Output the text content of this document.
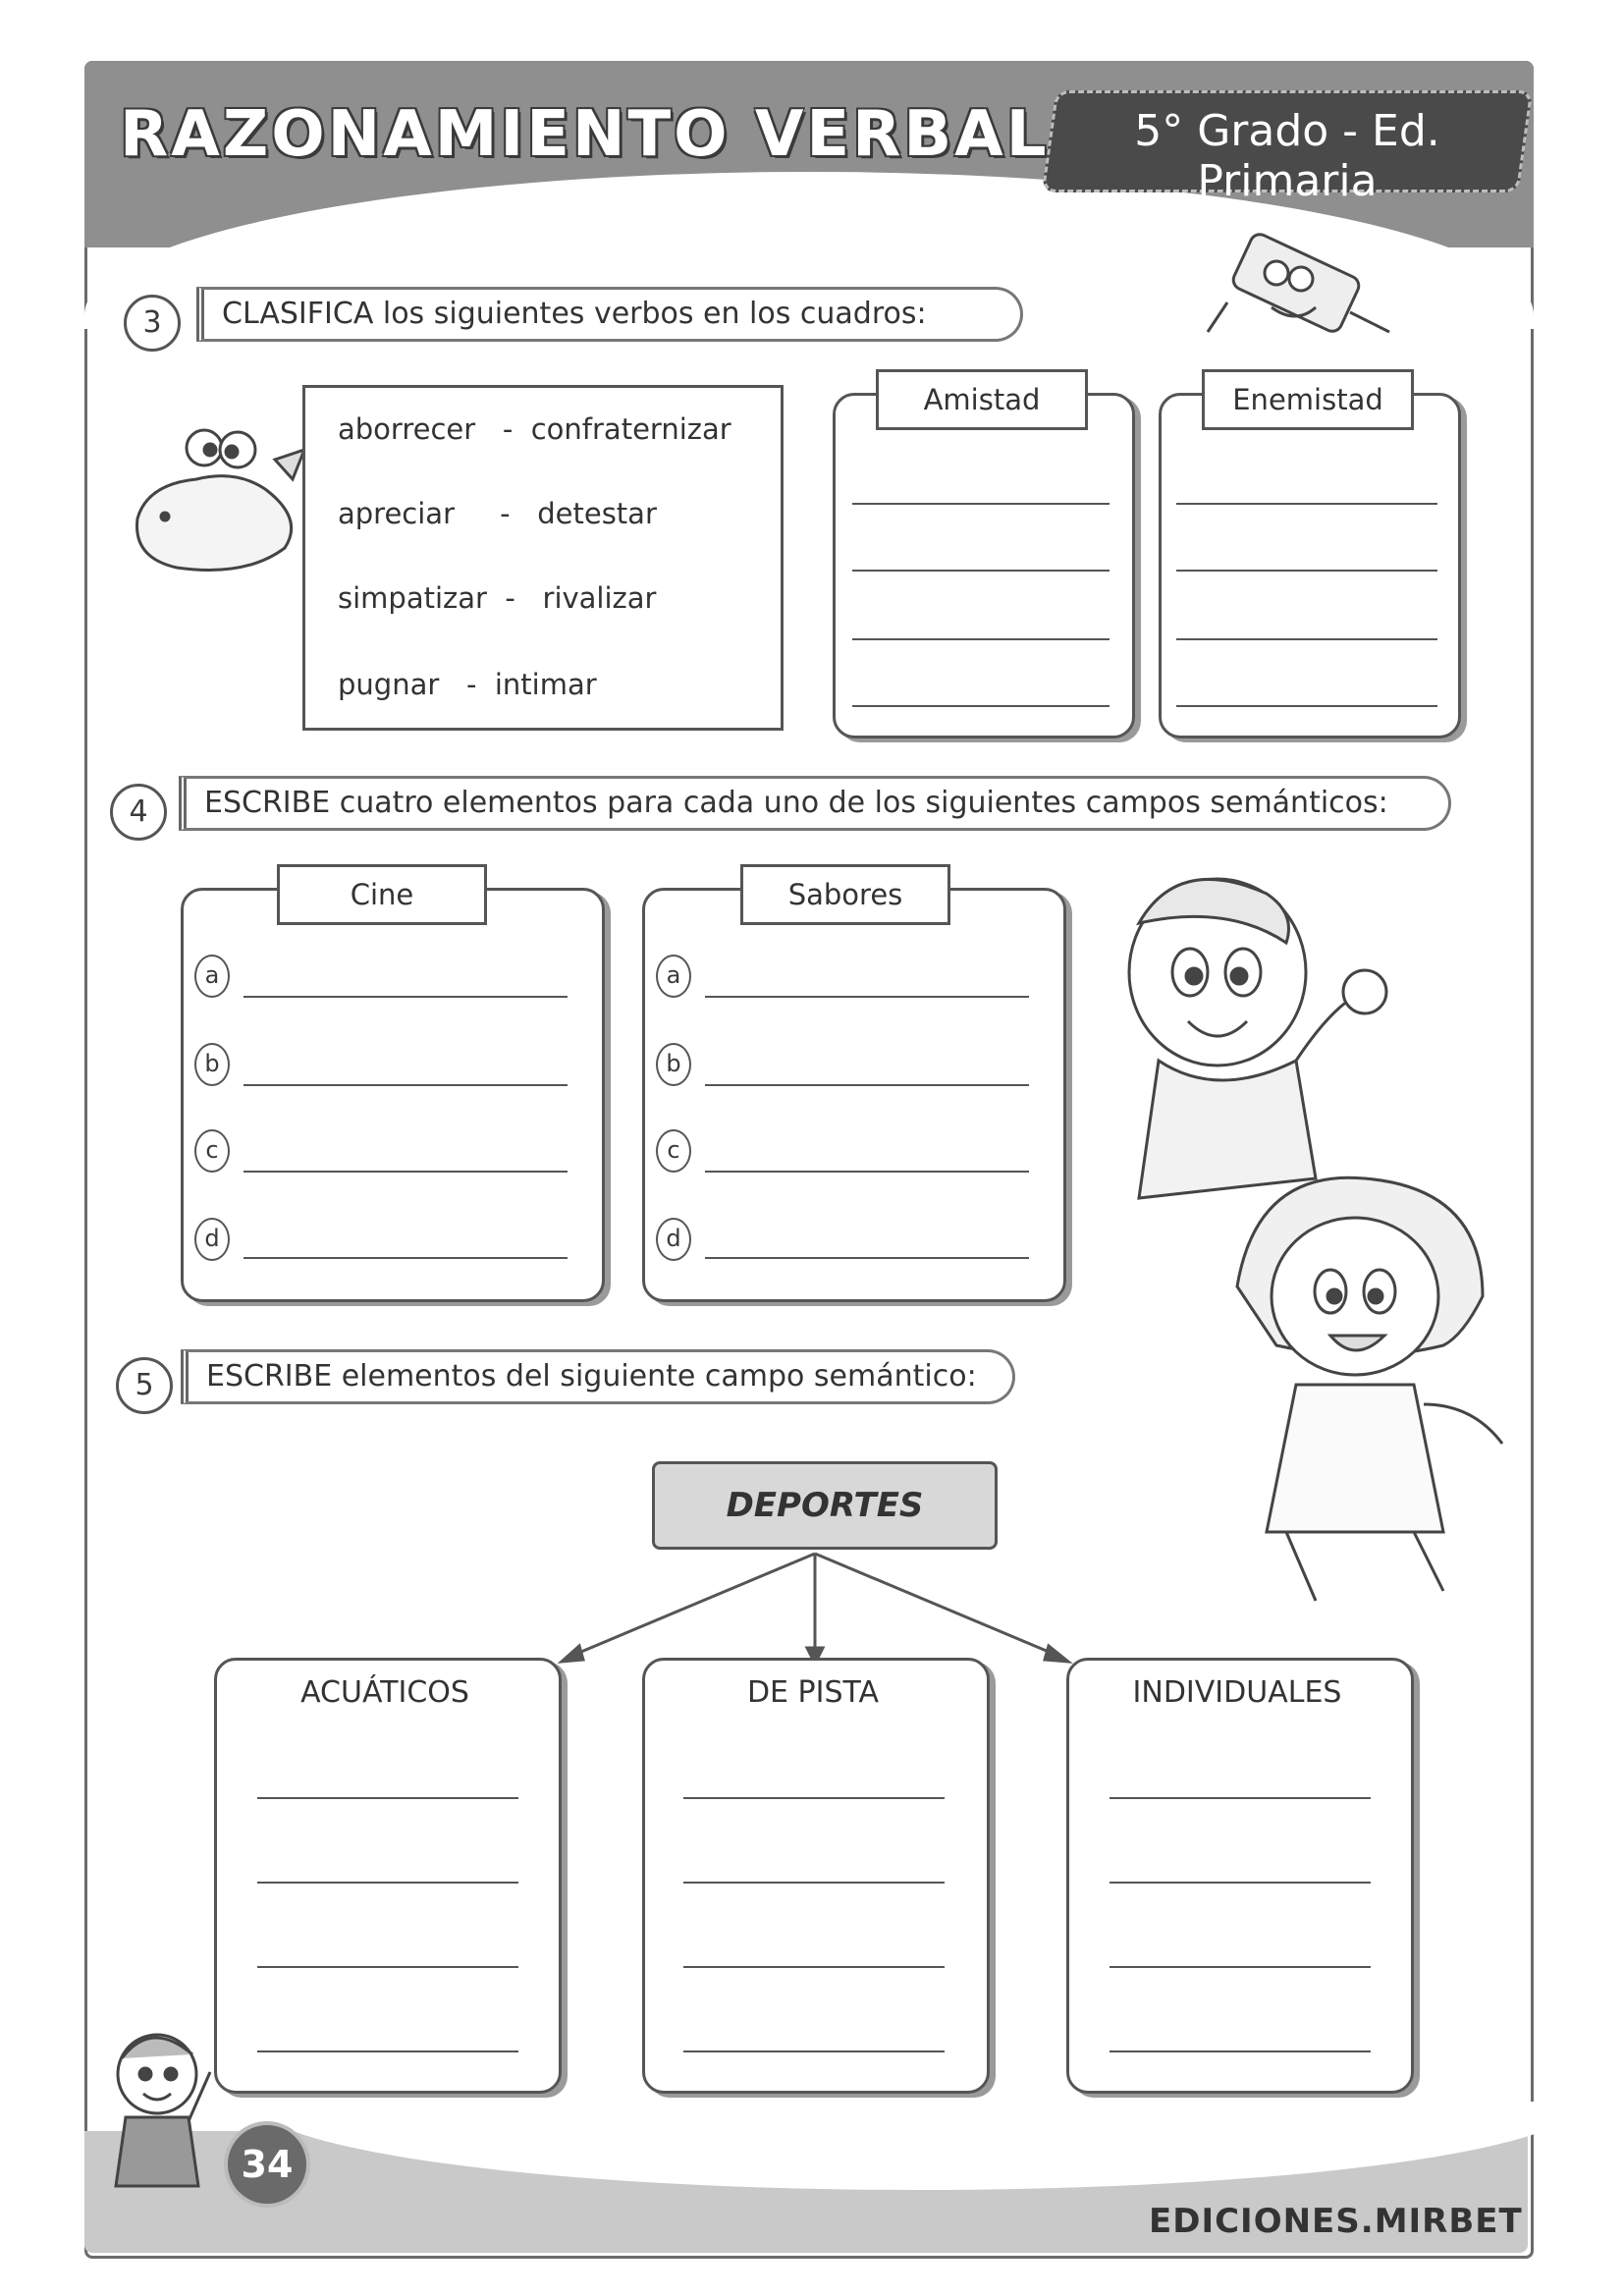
RAZONAMIENTO VERBAL	5° Grado - Ed. Primaria
3	CLASIFICA los siguientes verbos en los cuadros:
aborrecer - confraternizar
apreciar - detestar
simpatizar - rivalizar
pugnar - intimar
Amistad	Enemistad
4	ESCRIBE cuatro elementos para cada uno de los siguientes campos semánticos:
Cine
a
b
c
d
Sabores
a
b
c
d
5	ESCRIBE elementos del siguiente campo semántico:
DEPORTES
ACUÁTICOS	DE PISTA	INDIVIDUALES
34
EDICIONES.MIRBET
